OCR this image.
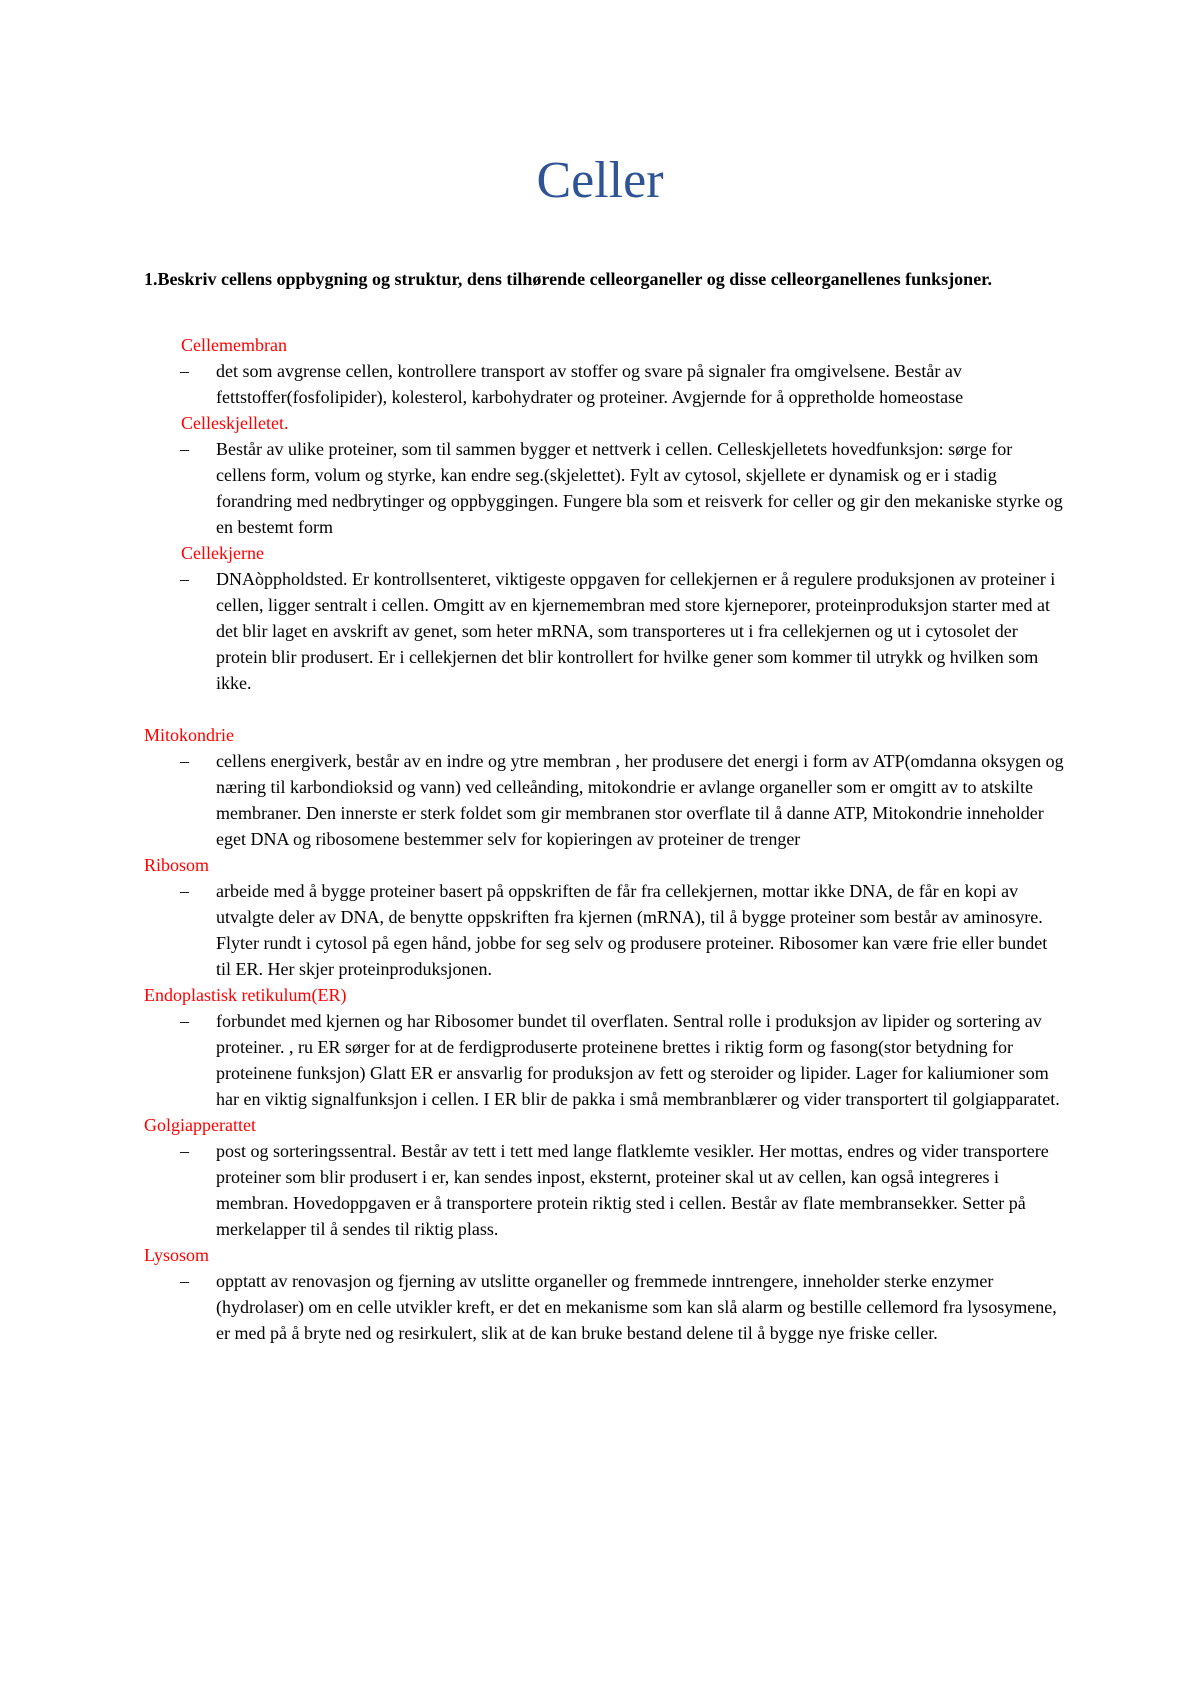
Celler

1.Beskriv cellens oppbygning og struktur, dens tilhørende celleorganeller og disse celleorganellenes funksjoner.

Cellemembran

– det som avgrense cellen, kontrollere transport av stoffer og svare på signaler fra omgivelsene. Består av fettstoffer(fosfolipider), kolesterol, karbohydrater og proteiner. Avgjernde for å oppretholde homeostase

Celleskjelletet.

– Består av ulike proteiner, som til sammen bygger et nettverk i cellen. Celleskjelletets hovedfunksjon: sørge for cellens form, volum og styrke, kan endre seg.(skjelettet). Fylt av cytosol, skjellete er dynamisk og er i stadig forandring med nedbrytinger og oppbyggingen. Fungere bla som et reisverk for celler og gir den mekaniske styrke og en bestemt form

Cellekjerne

– DNAòppholdsted. Er kontrollsenteret, viktigeste oppgaven for cellekjernen er å regulere produksjonen av proteiner i cellen, ligger sentralt i cellen. Omgitt av en kjernemembran med store kjerneporer, proteinproduksjon starter med at det blir laget en avskrift av genet, som heter mRNA, som transporteres ut i fra cellekjernen og ut i cytosolet der protein blir produsert. Er i cellekjernen det blir kontrollert for hvilke gener som kommer til utrykk og hvilken som ikke.

Mitokondrie

– cellens energiverk, består av en indre og ytre membran , her produsere det energi i form av ATP(omdanna oksygen og næring til karbondioksid og vann) ved celleånding, mitokondrie er avlange organeller som er omgitt av to atskilte membraner. Den innerste er sterk foldet som gir membranen stor overflate til å danne ATP, Mitokondrie inneholder eget DNA og ribosomene bestemmer selv for kopieringen av proteiner de trenger

Ribosom

– arbeide med å bygge proteiner basert på oppskriften de får fra cellekjernen, mottar ikke DNA, de får en kopi av utvalgte deler av DNA, de benytte oppskriften fra kjernen (mRNA), til å bygge proteiner som består av aminosyre. Flyter rundt i cytosol på egen hånd, jobbe for seg selv og produsere proteiner. Ribosomer kan være frie eller bundet til ER. Her skjer proteinproduksjonen.

Endoplastisk retikulum(ER)

– forbundet med kjernen og har Ribosomer bundet til overflaten. Sentral rolle i produksjon av lipider og sortering av proteiner. , ru ER sørger for at de ferdigproduserte proteinene brettes i riktig form og fasong(stor betydning for proteinene funksjon) Glatt ER er ansvarlig for produksjon av fett og steroider og lipider. Lager for kaliumioner som har en viktig signalfunksjon i cellen. I ER blir de pakka i små membranblærer og vider transportert til golgiapparatet.

Golgiapperattet

– post og sorteringssentral. Består av tett i tett med lange flatklemte vesikler. Her mottas, endres og vider transportere proteiner som blir produsert i er, kan sendes inpost, eksternt, proteiner skal ut av cellen, kan også integreres i membran. Hovedoppgaven er å transportere protein riktig sted i cellen. Består av flate membransekker. Setter på merkelapper til å sendes til riktig plass.

Lysosom

– opptatt av renovasjon og fjerning av utslitte organeller og fremmede inntrengere, inneholder sterke enzymer (hydrolaser) om en celle utvikler kreft, er det en mekanisme som kan slå alarm og bestille cellemord fra lysosymene, er med på å bryte ned og resirkulert, slik at de kan bruke bestand delene til å bygge nye friske celler.
